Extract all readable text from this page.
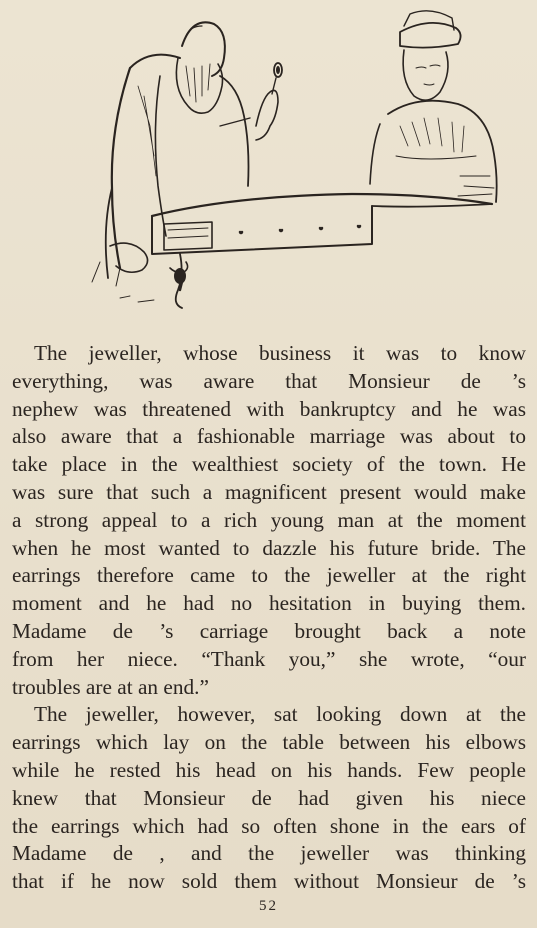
The jeweller, whose business it was to know
everything, was aware that Monsieur de ’s
nephew was threatened with bankruptcy and he was
also aware that a fashionable marriage was about to
take place in the wealthiest society of the town. He
was sure that such a magnificent present would make
a strong appeal to a rich young man at the moment
when he most wanted to dazzle his future bride. The
earrings therefore came to the jeweller at the right
moment and he had no hesitation in buying them.
Madame de ’s carriage brought back a note
from her niece. “Thank you,” she wrote, “our
troubles are at an end.”
The jeweller, however, sat looking down at the
earrings which lay on the table between his elbows
while he rested his head on his hands. Few people
knew that Monsieur de had given his niece
the earrings which had so often shone in the ears of
Madame de , and the jeweller was thinking
that if he now sold them without Monsieur de ’s
52
